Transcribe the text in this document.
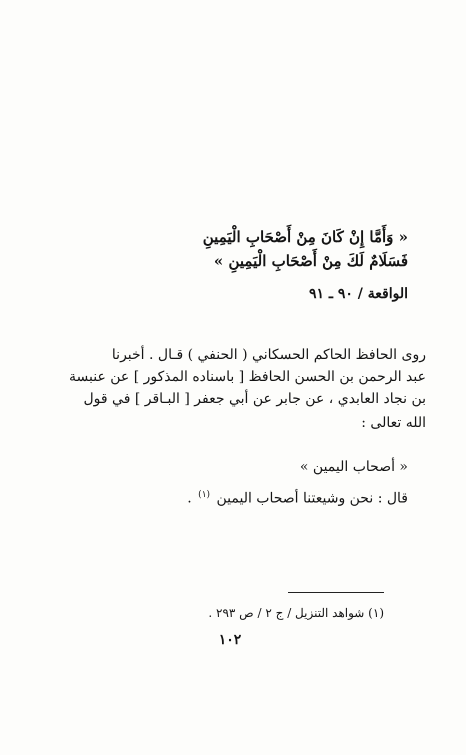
« وَأَمَّا إِنْ كَانَ مِنْ أَصْحَابِ الْيَمِينِ
فَسَلَامٌ لَكَ مِنْ أَصْحَابِ الْيَمِينِ »
الواقعة / ٩٠ ـ ٩١
روى الحافظ الحاكم الحسكاني ( الحنفي ) قـال . أخبرنا
عبد الرحمن بن الحسن الحافظ [ باسناده المذكور ] عن عنبسة
بن نجاد العابدي ، عن جابر عن أبي جعفر [ البـاقر ] في قول
الله تعالى :
« أصحاب اليمين »
قال : نحن وشيعتنا أصحاب اليمين $^{(١)}$ .
(١) شواهد التنزيل / ج ٢ / ص ٢٩٣ .
١٠٢
